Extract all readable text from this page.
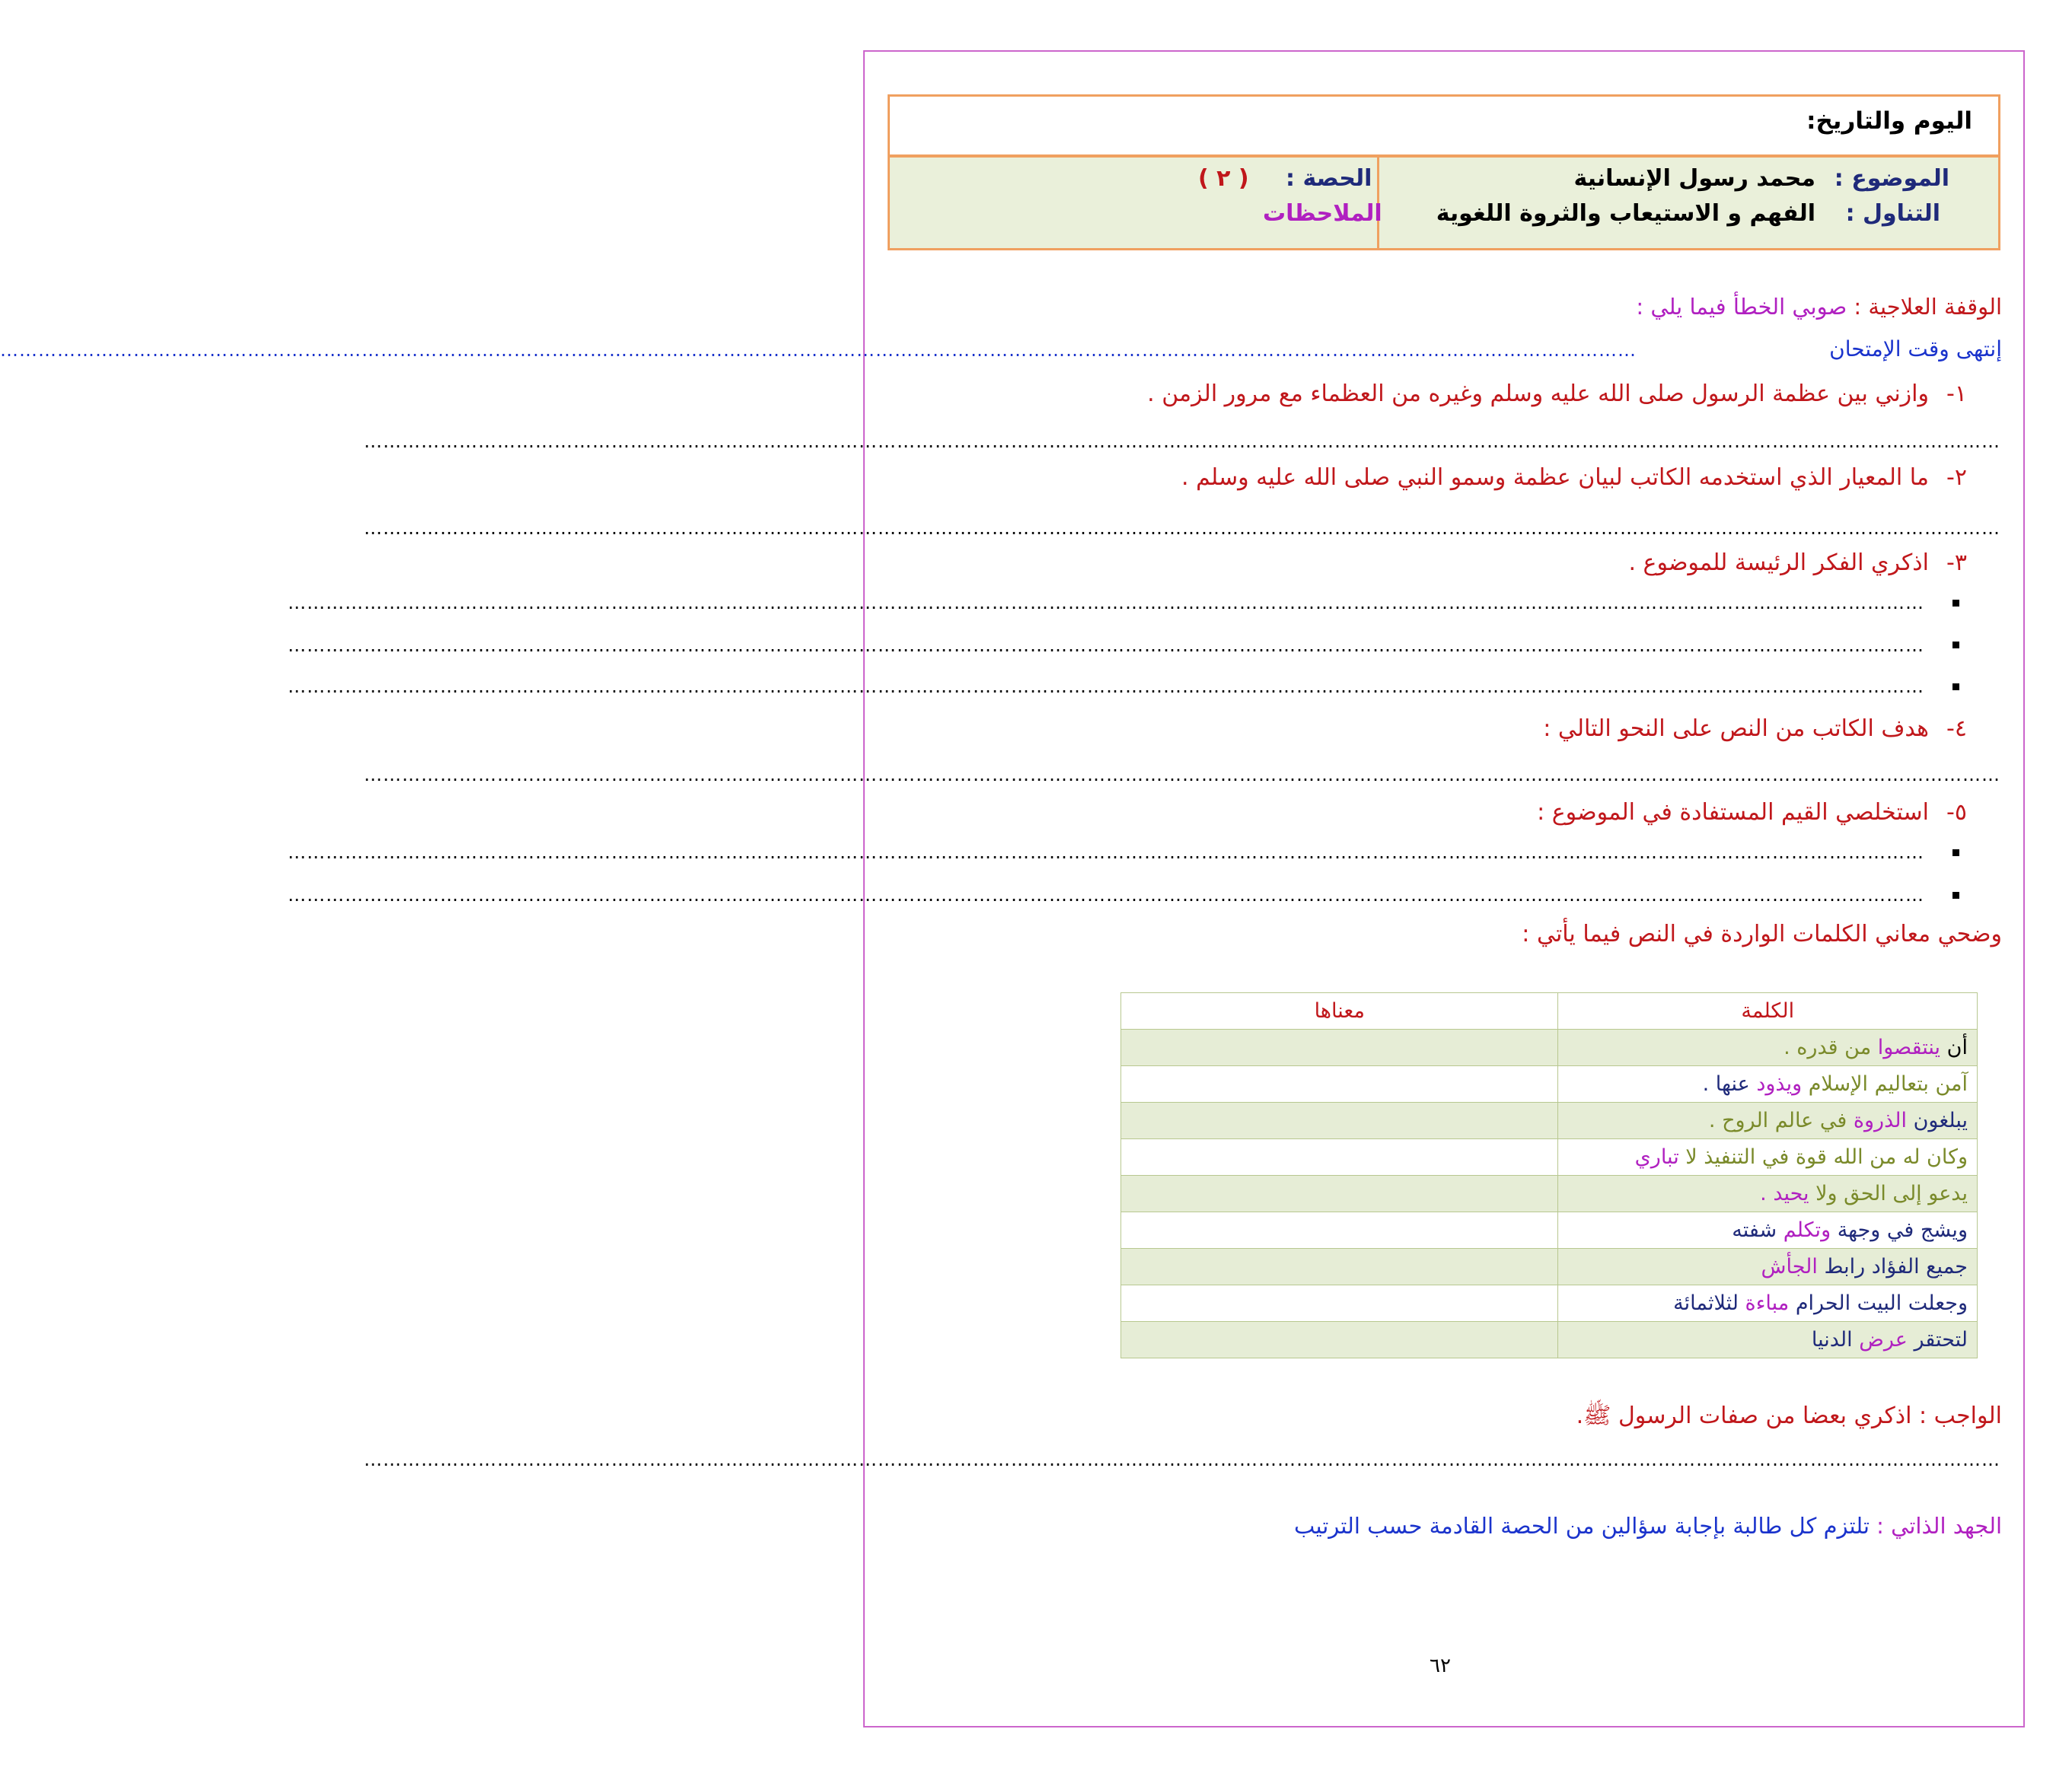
اليوم والتاريخ:
الموضوع :
محمد رسول الإنسانية
التناول :
الفهم و الاستيعاب والثروة اللغوية
الحصة :
( ٢ )
الملاحظات
الوقفة العلاجية : صوبي الخطأ فيما يلي :
إنتهى وقت الإمتحان
……………………………………………………………………………………………………………………………………………………………………………………………………………………………………
١-
وازني بين عظمة الرسول صلى الله عليه وسلم وغيره من العظماء مع مرور الزمن .
……………………………………………………………………………………………………………………………………………………………………………………………………………………………………
٢-
ما المعيار الذي استخدمه الكاتب لبيان عظمة وسمو النبي صلى الله عليه وسلم .
……………………………………………………………………………………………………………………………………………………………………………………………………………………………………
٣-
اذكري الفكر الرئيسة للموضوع .
……………………………………………………………………………………………………………………………………………………………………………………………………………………………………
……………………………………………………………………………………………………………………………………………………………………………………………………………………………………
……………………………………………………………………………………………………………………………………………………………………………………………………………………………………
٤-
هدف الكاتب من النص على النحو التالي :
……………………………………………………………………………………………………………………………………………………………………………………………………………………………………
٥-
استخلصي القيم المستفادة في الموضوع :
……………………………………………………………………………………………………………………………………………………………………………………………………………………………………
……………………………………………………………………………………………………………………………………………………………………………………………………………………………………
وضحي معاني الكلمات الواردة في النص فيما يأتي :
الكلمة	معناها
أن ينتقصوا من قدره .	
آمن بتعاليم الإسلام ويذود عنها .	
يبلغون الذروة في عالم الروح .	
وكان له من الله قوة في التنفيذ لا تباري	
يدعو إلى الحق ولا يحيد .	
ويشج في وجهة وتكلم شفته	
جميع الفؤاد رابط الجأش	
وجعلت البيت الحرام مباءة لثلاثمائة	
لتحتقر عرض الدنيا	
الواجب : اذكري بعضا من صفات الرسول ﷺ.
……………………………………………………………………………………………………………………………………………………………………………………………………………………………………
الجهد الذاتي : تلتزم كل طالبة بإجابة سؤالين من الحصة القادمة حسب الترتيب
٦٢
